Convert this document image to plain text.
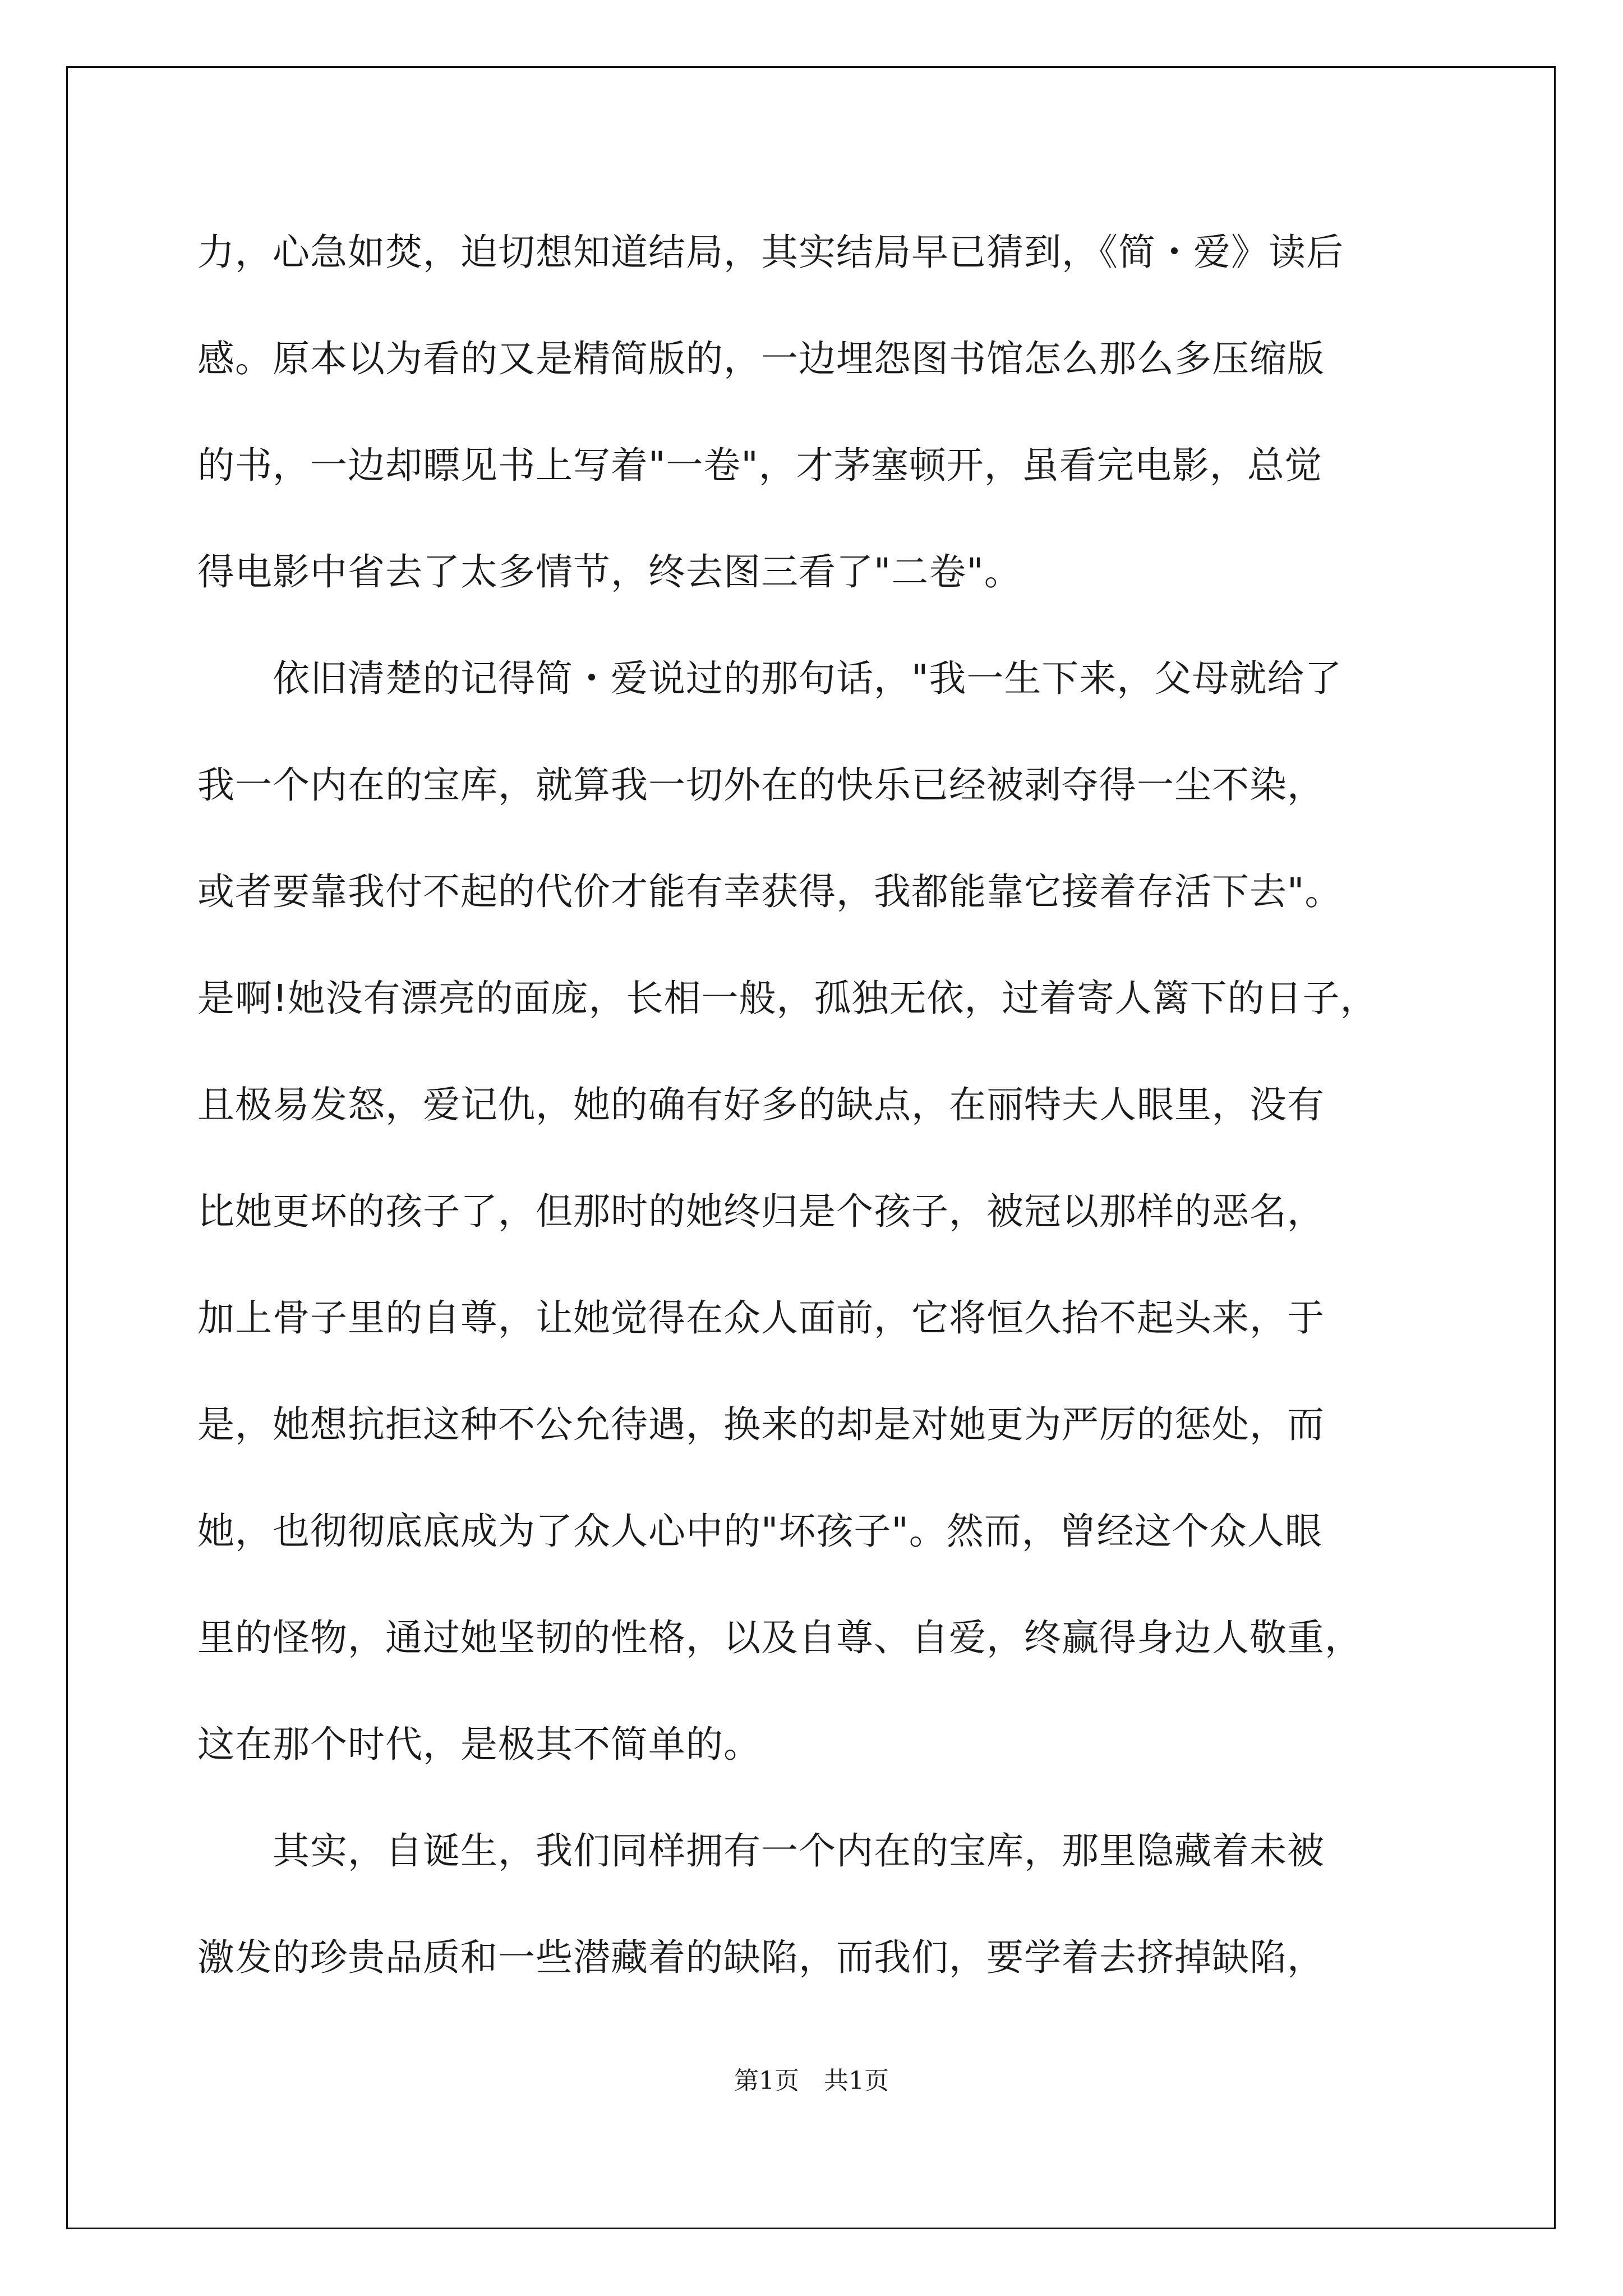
力，心急如焚，迫切想知道结局，其实结局早已猜到，《简・爱》读后
感。原本以为看的又是精简版的，一边埋怨图书馆怎么那么多压缩版
的书，一边却瞟见书上写着"一卷"，才茅塞顿开，虽看完电影，总觉
得电影中省去了太多情节，终去图三看了"二卷"。
　　依旧清楚的记得简・爱说过的那句话，"我一生下来，父母就给了
我一个内在的宝库，就算我一切外在的快乐已经被剥夺得一尘不染，
或者要靠我付不起的代价才能有幸获得，我都能靠它接着存活下去"。
是啊!她没有漂亮的面庞，长相一般，孤独无依，过着寄人篱下的日子，
且极易发怒，爱记仇，她的确有好多的缺点，在丽特夫人眼里，没有
比她更坏的孩子了，但那时的她终归是个孩子，被冠以那样的恶名，
加上骨子里的自尊，让她觉得在众人面前，它将恒久抬不起头来，于
是，她想抗拒这种不公允待遇，换来的却是对她更为严厉的惩处，而
她，也彻彻底底成为了众人心中的"坏孩子"。然而，曾经这个众人眼
里的怪物，通过她坚韧的性格，以及自尊、自爱，终赢得身边人敬重，
这在那个时代，是极其不简单的。
　　其实，自诞生，我们同样拥有一个内在的宝库，那里隐藏着未被
激发的珍贵品质和一些潜藏着的缺陷，而我们，要学着去挤掉缺陷，
第1页　共1页
